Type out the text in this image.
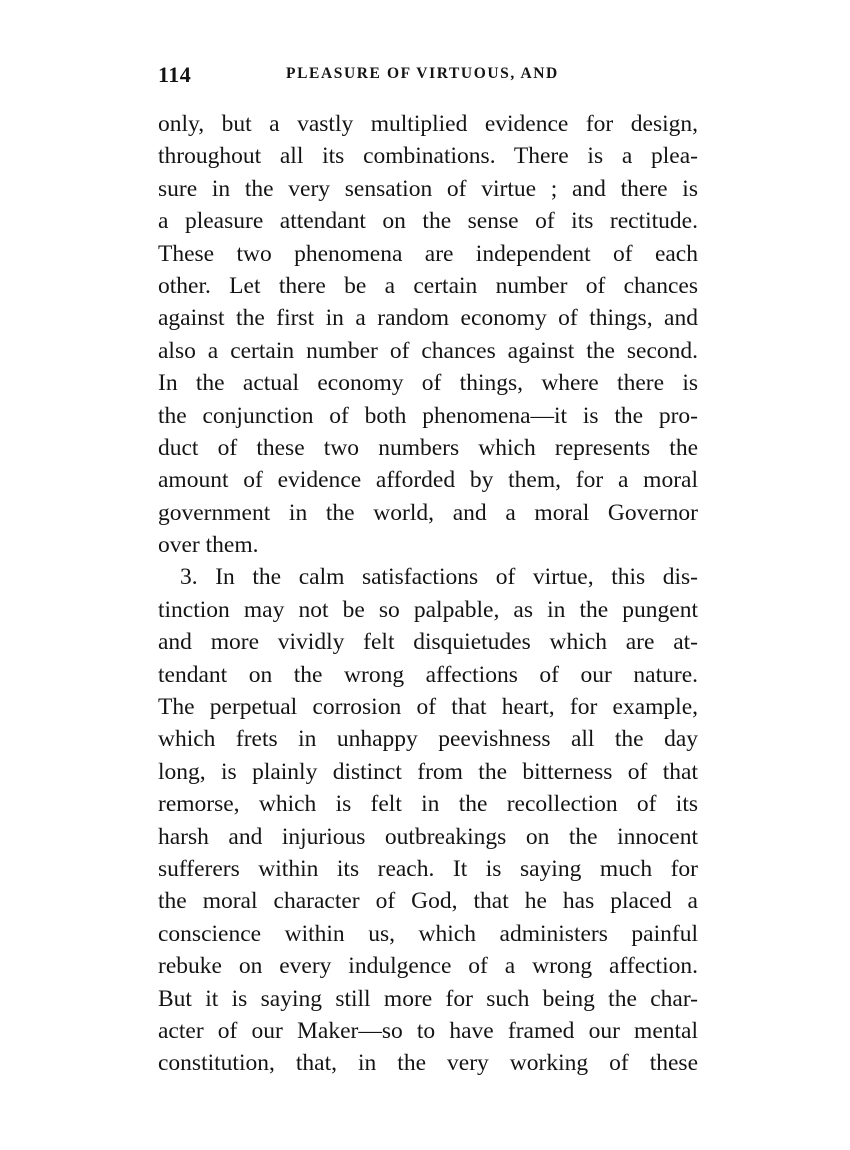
114	PLEASURE OF VIRTUOUS, AND
only, but a vastly multiplied evidence for design,
throughout all its combinations. There is a plea-
sure in the very sensation of virtue ; and there is
a pleasure attendant on the sense of its rectitude.
These two phenomena are independent of each
other. Let there be a certain number of chances
against the first in a random economy of things, and
also a certain number of chances against the second.
In the actual economy of things, where there is
the conjunction of both phenomena—it is the pro-
duct of these two numbers which represents the
amount of evidence afforded by them, for a moral
government in the world, and a moral Governor
over them.
3. In the calm satisfactions of virtue, this dis-
tinction may not be so palpable, as in the pungent
and more vividly felt disquietudes which are at-
tendant on the wrong affections of our nature.
The perpetual corrosion of that heart, for example,
which frets in unhappy peevishness all the day
long, is plainly distinct from the bitterness of that
remorse, which is felt in the recollection of its
harsh and injurious outbreakings on the innocent
sufferers within its reach. It is saying much for
the moral character of God, that he has placed a
conscience within us, which administers painful
rebuke on every indulgence of a wrong affection.
But it is saying still more for such being the char-
acter of our Maker—so to have framed our mental
constitution, that, in the very working of these
